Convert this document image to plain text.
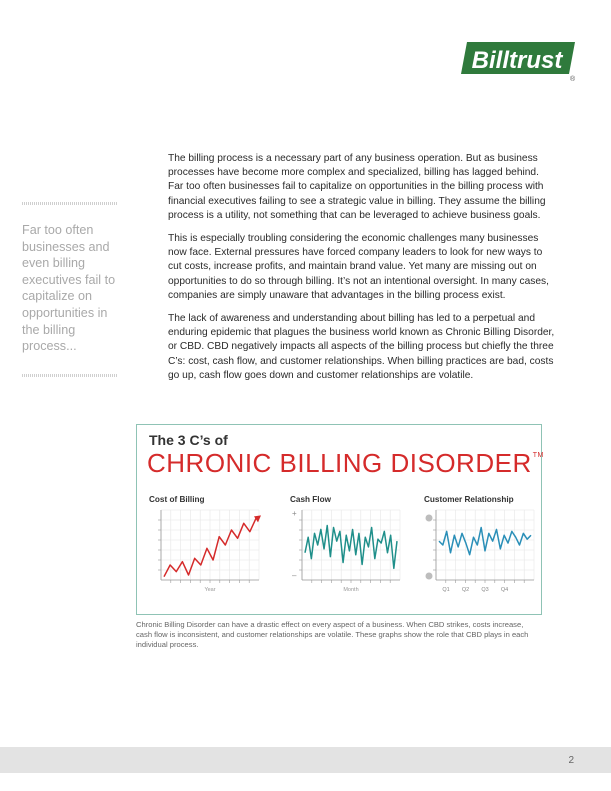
Billtrust
®

The billing process is a necessary part of any business operation. But as business processes have become more complex and specialized, billing has lagged behind. Far too often businesses fail to capitalize on opportunities in the billing process with financial executives failing to see a strategic value in billing. They assume the billing process is a utility, not something that can be leveraged to achieve business goals.

This is especially troubling considering the economic challenges many businesses now face. External pressures have forced company leaders to look for new ways to cut costs, increase profits, and maintain brand value. Yet many are missing out on opportunities to do so through billing. It’s not an intentional oversight. In many cases, companies are simply unaware that advantages in the billing process exist.

The lack of awareness and understanding about billing has led to a perpetual and enduring epidemic that plagues the business world known as Chronic Billing Disorder, or CBD. CBD negatively impacts all aspects of the billing process but chiefly the three C’s: cost, cash flow, and customer relationships. When billing practices are bad, costs go up, cash flow goes down and customer relationships are volatile.

Far too often businesses and even billing executives fail to capitalize on opportunities in the billing process...
The 3 C’s of
CHRONIC BILLING DISORDER™
Cost of Billing
Year
Cash Flow
Month
+
–
Customer Relationship
Q1 Q2 Q3 Q4
Chronic Billing Disorder can have a drastic effect on every aspect of a business. When CBD strikes, costs increase, cash flow is inconsistent, and customer relationships are volatile. These graphs show the role that CBD plays in each individual process.
2
